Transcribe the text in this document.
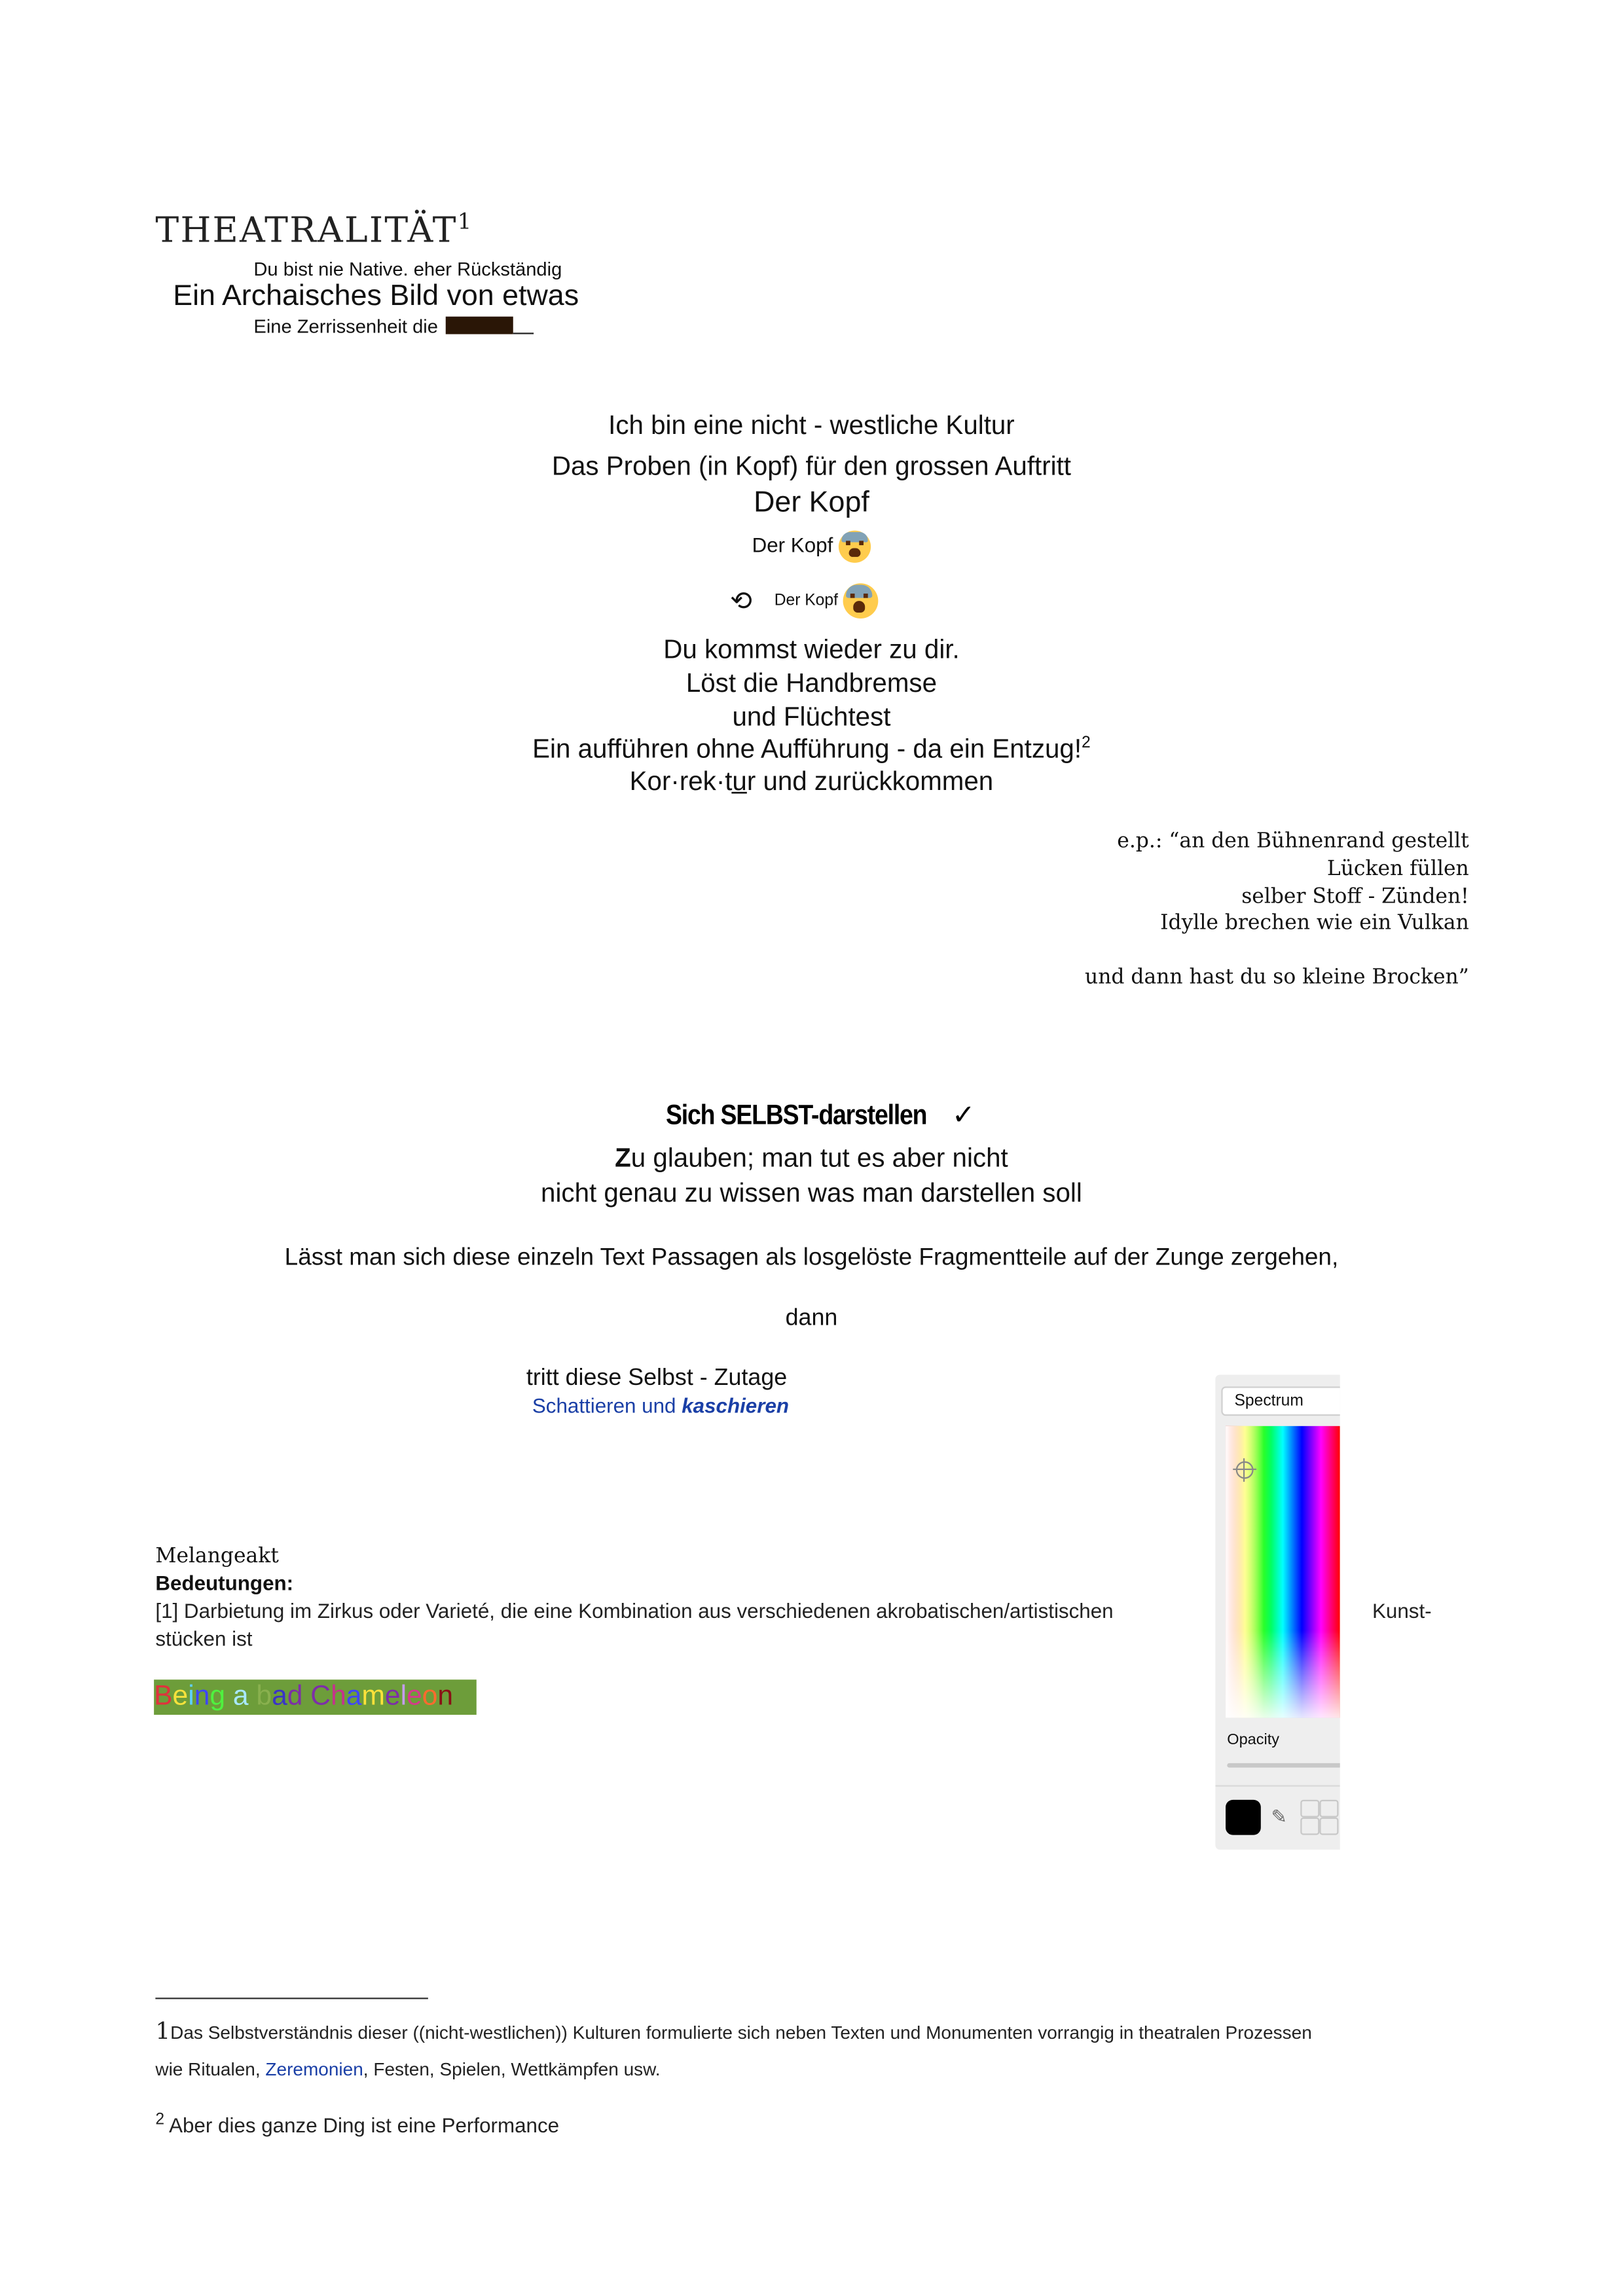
THEATRALITÄT$^1$
Du bist nie Native. eher Rückständig
Ein Archaisches Bild von etwas
Eine Zerrissenheit die
Ich bin eine nicht - westliche Kultur
Das Proben (in Kopf) für den grossen Auftritt
Der Kopf
Der Kopf
⟲	Der Kopf
Du kommst wieder zu dir.
Löst die Handbremse
und Flüchtest
Ein aufführen ohne Aufführung - da ein Entzug!$^2$
Kor·rek·tu̲r und zurückkommen
e.p.: “an den Bühnenrand gestellt
Lücken füllen
selber Stoff - Zünden!
Idylle brechen wie ein Vulkan
und dann hast du so kleine Brocken”
Sich SELBST-darstellen ✓
Zu glauben; man tut es aber nicht
nicht genau zu wissen was man darstellen soll
Lässt man sich diese einzeln Text Passagen als losgelöste Fragmentteile auf der Zunge zergehen,
dann
tritt diese Selbst - Zutage
Schattieren und kaschieren	Spectrum
Opacity
✎
Melangeakt
Bedeutungen:
[1] Darbietung im Zirkus oder Varieté, die eine Kombination aus verschiedenen akrobatischen/artistischen	Kunst-
stücken ist
Being a bad Chameleon
1Das Selbstverständnis dieser ((nicht-westlichen)) Kulturen formulierte sich neben Texten und Monumenten vorrangig in theatralen Prozessen
wie Ritualen, Zeremonien, Festen, Spielen, Wettkämpfen usw.
$^2$ Aber dies ganze Ding ist eine Performance
